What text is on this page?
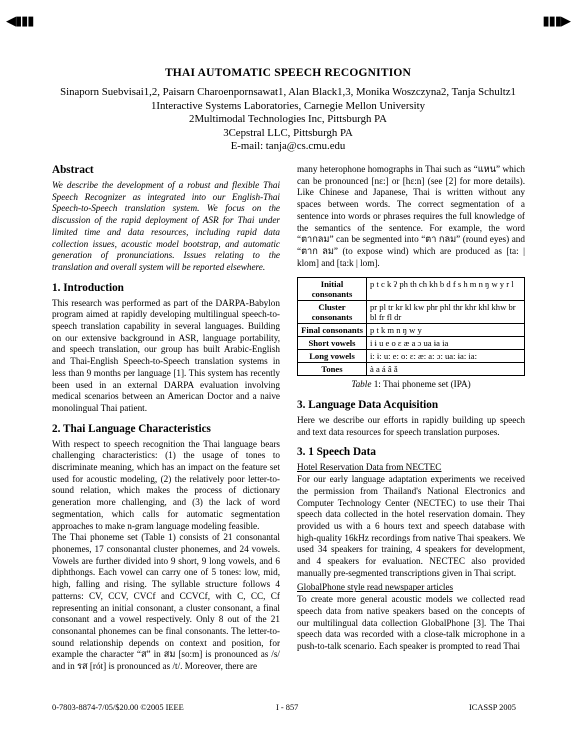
◀▮▮▮	▮▮▮▶
THAI AUTOMATIC SPEECH RECOGNITION
Sinaporn Suebvisai1,2, Paisarn Charoenpornsawat1, Alan Black1,3, Monika Woszczyna2, Tanja Schultz1
1Interactive Systems Laboratories, Carnegie Mellon University
2Multimodal Technologies Inc, Pittsburgh PA
3Cepstral LLC, Pittsburgh PA
E-mail: tanja@cs.cmu.edu
Abstract

We describe the development of a robust and flexible Thai Speech Recognizer as integrated into our English-Thai Speech-to-Speech translation system. We focus on the discussion of the rapid deployment of ASR for Thai under limited time and data resources, including rapid data collection issues, acoustic model bootstrap, and automatic generation of pronunciations. Issues relating to the translation and overall system will be reported elsewhere.

1. Introduction

This research was performed as part of the DARPA-Babylon program aimed at rapidly developing multilingual speech-to-speech translation capability in several languages. Building on our extensive background in ASR, language portability, and speech translation, our group has built Arabic-English and Thai-English Speech-to-Speech translation systems in less than 9 months per language [1]. This system has recently been used in an external DARPA evaluation involving medical scenarios between an American Doctor and a naive monolingual Thai patient.

2. Thai Language Characteristics

With respect to speech recognition the Thai language bears challenging characteristics: (1) the usage of tones to discriminate meaning, which has an impact on the feature set used for acoustic modeling, (2) the relatively poor letter-to-sound relation, which makes the process of dictionary generation more challenging, and (3) the lack of word segmentation, which calls for automatic segmentation approaches to make n-gram language modeling feasible.

The Thai phoneme set (Table 1) consists of 21 consonantal phonemes, 17 consonantal cluster phonemes, and 24 vowels. Vowels are further divided into 9 short, 9 long vowels, and 6 diphthongs. Each vowel can carry one of 5 tones: low, mid, high, falling and rising. The syllable structure follows 4 patterns: CV, CCV, CVCf and CCVCf, with C, CC, Cf representing an initial consonant, a cluster consonant, a final consonant and a vowel respectively. Only 8 out of the 21 consonantal phonemes can be final consonants. The letter-to-sound relationship depends on context and position, for example the character “ส” in สม [so:m] is pronounced as /s/ and in รส [rót] is pronounced as /t/. Moreover, there are

many heterophone homographs in Thai such as “แหน” which can be pronounced [nɛ:] or [hɛ:n] (see [2] for more details). Like Chinese and Japanese, Thai is written without any spaces between words. The correct segmentation of a sentence into words or phrases requires the full knowledge of the semantics of the sentence. For example, the word “ตากลม” can be segmented into “ตา กลม” (round eyes) and “ตาก ลม” (to expose wind) which are produced as [ta: | klom] and [ta:k | lom].

Initial consonants	p t c k ʔ ph th ch kh b d f s h m n ŋ w y r l
Cluster consonants	pr pl tr kr kl kw phr phl thr khr khl khw br bl fr fl dr
Final consonants	p t k m n ŋ w y
Short vowels	i ɨ u e o ɛ æ a ɔ ua ɨa ia
Long vowels	i: ɨ: u: e: o: ɛ: æ: a: ɔ: ua: ɨa: ia:
Tones	à a á â ǎ

Table 1: Thai phoneme set (IPA)

3. Language Data Acquisition

Here we describe our efforts in rapidly building up speech and text data resources for speech translation purposes.

3. 1 Speech Data

Hotel Reservation Data from NECTEC

For our early language adaptation experiments we received the permission from Thailand's National Electronics and Computer Technology Center (NECTEC) to use their Thai speech data collected in the hotel reservation domain. They provided us with a 6 hours text and speech database with high-quality 16kHz recordings from native Thai speakers. We used 34 speakers for training, 4 speakers for development, and 4 speakers for evaluation. NECTEC also provided manually pre-segmented transcriptions given in Thai script.

GlobalPhone style read newspaper articles

To create more general acoustic models we collected read speech data from native speakers based on the concepts of our multilingual data collection GlobalPhone [3]. The Thai speech data was recorded with a close-talk microphone in a push-to-talk scenario. Each speaker is prompted to read Thai

0-7803-8874-7/05/$20.00 ©2005 IEEE	I - 857	ICASSP 2005
